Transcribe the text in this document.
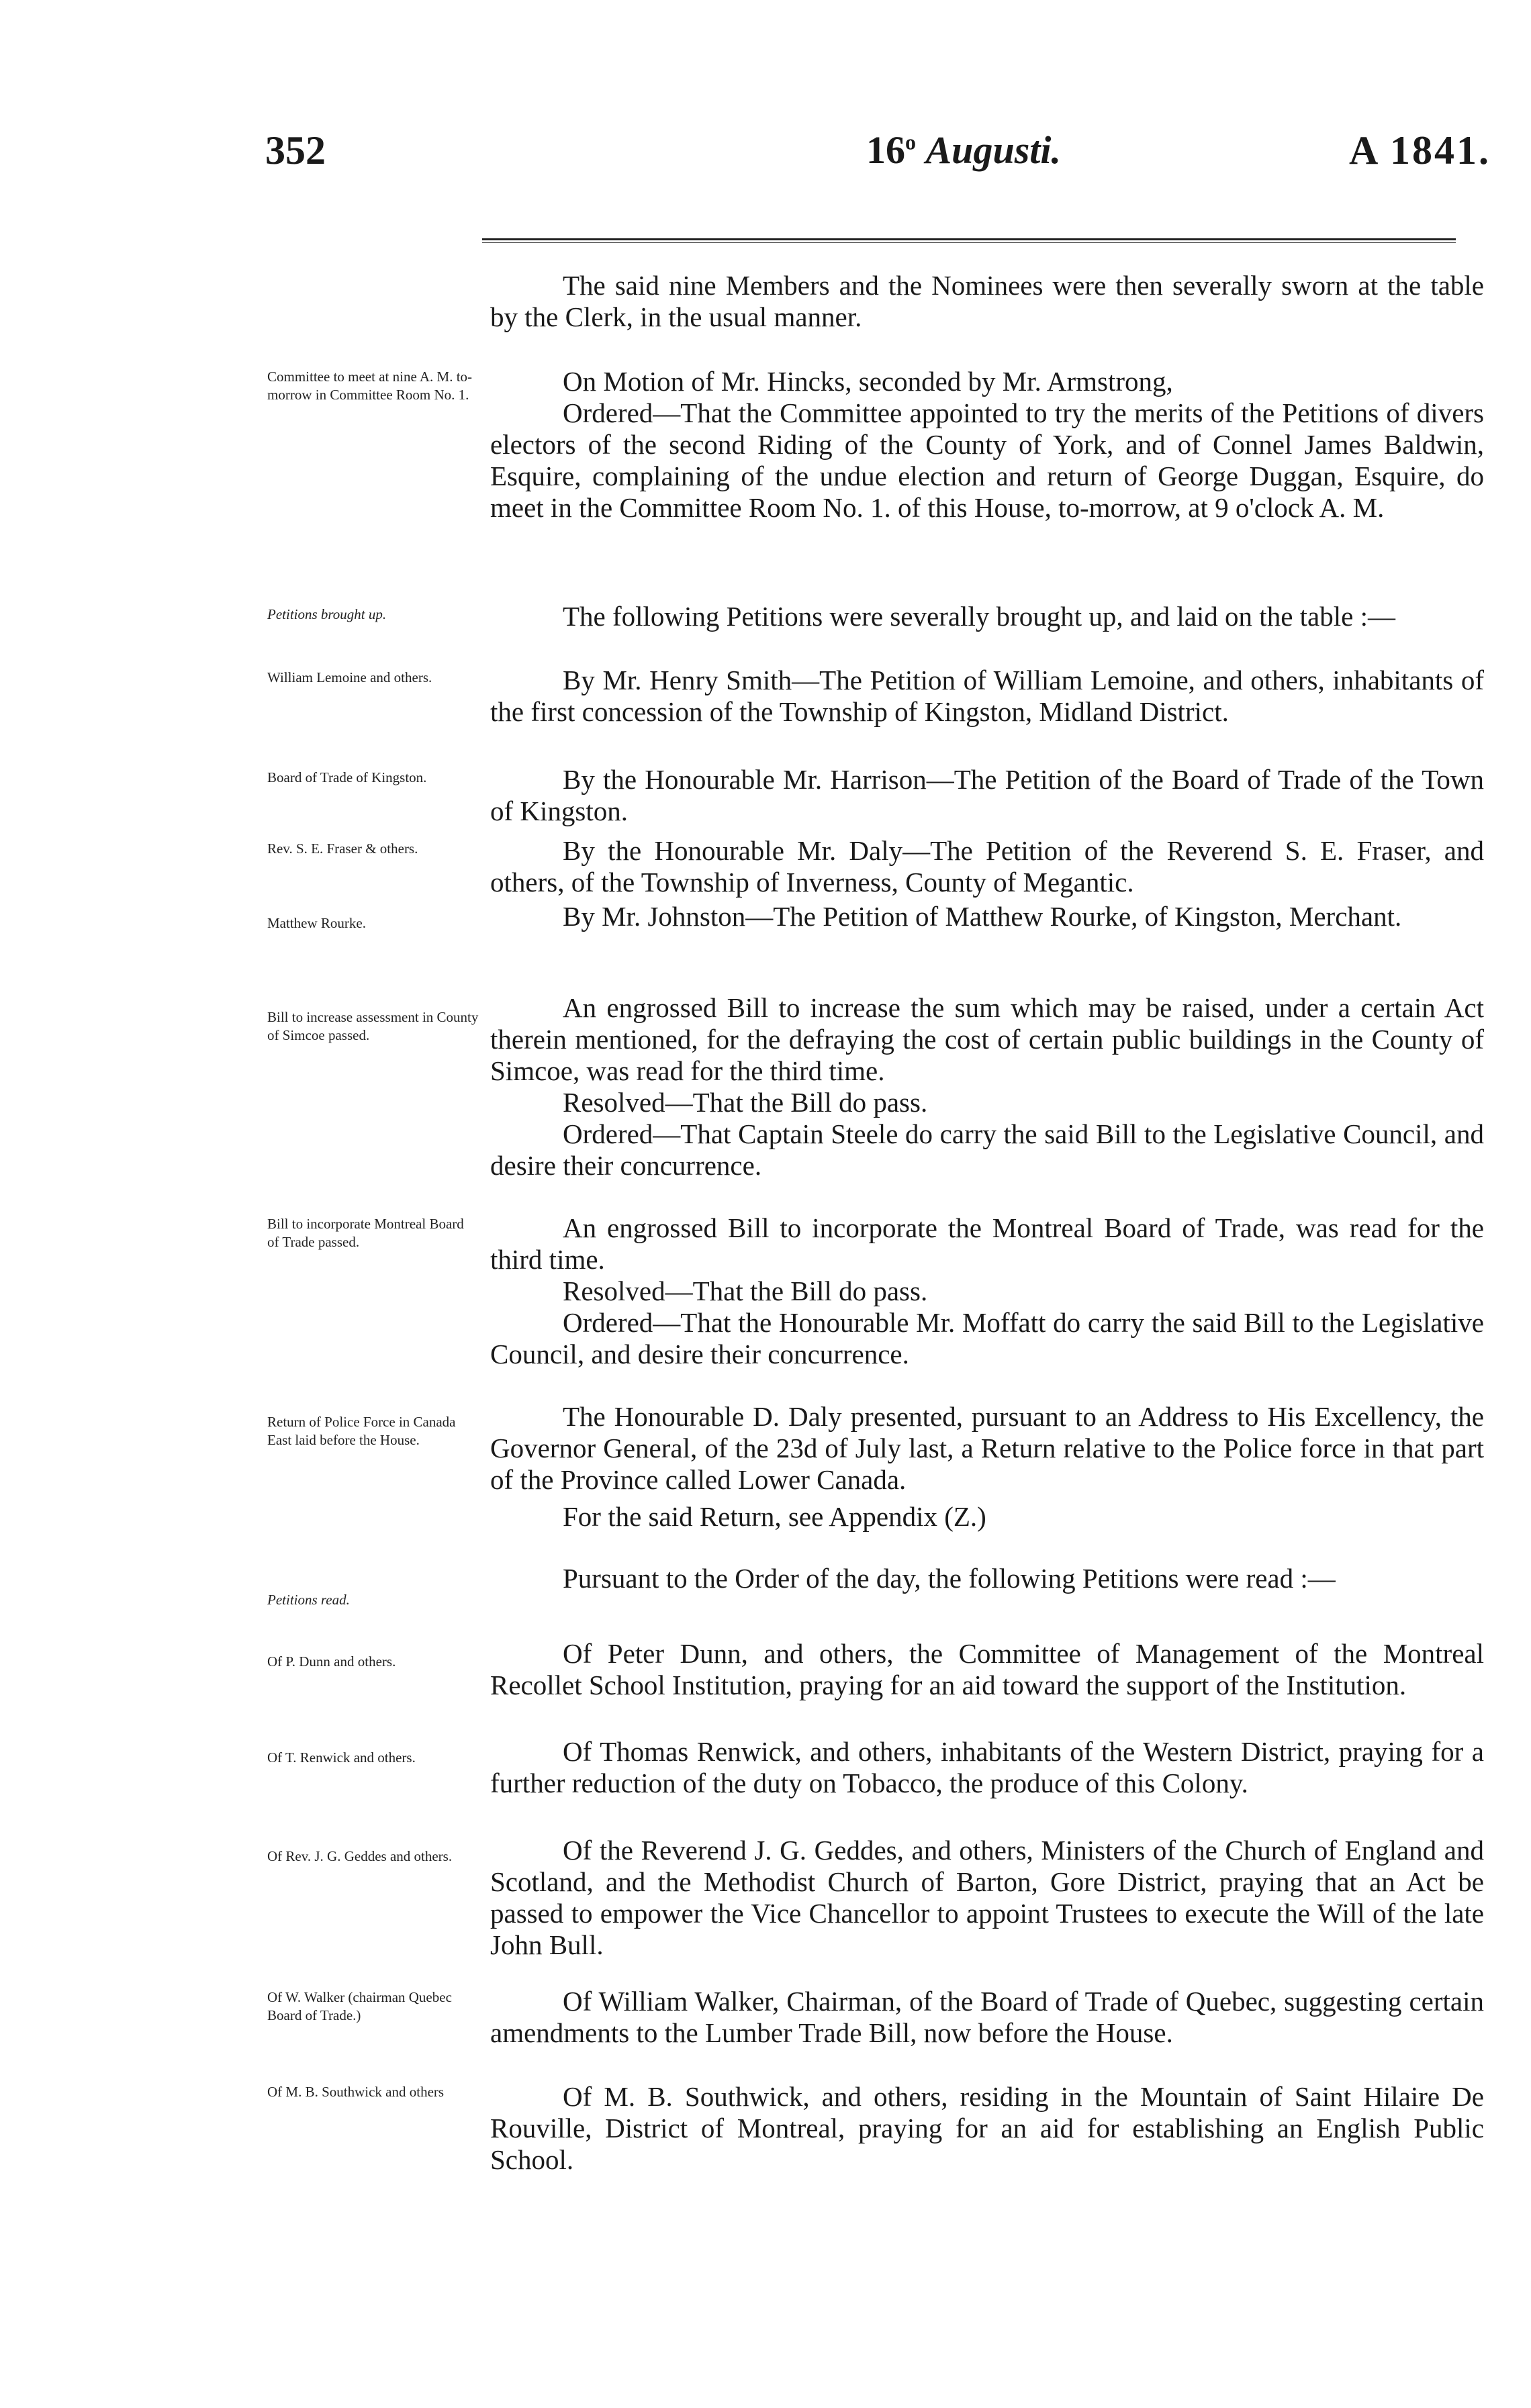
352	16$^o$ Augusti.	A 1841.
Committee to meet at nine A. M. to-morrow in Committee Room No. 1.
Petitions brought up.
William Lemoine and others.
Board of Trade of Kingston.
Rev. S. E. Fraser & others.
Matthew Rourke.
Bill to increase assessment in County of Simcoe passed.
Bill to incorporate Montreal Board of Trade passed.
Return of Police Force in Canada East laid before the House.
Petitions read.
Of P. Dunn and others.
Of T. Renwick and others.
Of Rev. J. G. Geddes and others.
Of W. Walker (chairman Quebec Board of Trade.)
Of M. B. Southwick and others

The said nine Members and the Nominees were then severally sworn at the table by the Clerk, in the usual manner.

On Motion of Mr. Hincks, seconded by Mr. Armstrong,

Ordered—That the Committee appointed to try the merits of the Petitions of divers electors of the second Riding of the County of York, and of Connel James Baldwin, Esquire, complaining of the undue election and return of George Duggan, Esquire, do meet in the Committee Room No. 1. of this House, to-morrow, at 9 o'clock A. M.

The following Petitions were severally brought up, and laid on the table :—

By Mr. Henry Smith—The Petition of William Lemoine, and others, inhabitants of the first concession of the Township of Kingston, Midland District.

By the Honourable Mr. Harrison—The Petition of the Board of Trade of the Town of Kingston.

By the Honourable Mr. Daly—The Petition of the Reverend S. E. Fraser, and others, of the Township of Inverness, County of Megantic.

By Mr. Johnston—The Petition of Matthew Rourke, of Kingston, Merchant.

An engrossed Bill to increase the sum which may be raised, under a certain Act therein mentioned, for the defraying the cost of certain public buildings in the County of Simcoe, was read for the third time.

Resolved—That the Bill do pass.

Ordered—That Captain Steele do carry the said Bill to the Legislative Council, and desire their concurrence.

An engrossed Bill to incorporate the Montreal Board of Trade, was read for the third time.

Resolved—That the Bill do pass.

Ordered—That the Honourable Mr. Moffatt do carry the said Bill to the Legislative Council, and desire their concurrence.

The Honourable D. Daly presented, pursuant to an Address to His Excellency, the Governor General, of the 23d of July last, a Return relative to the Police force in that part of the Province called Lower Canada.

For the said Return, see Appendix (Z.)

Pursuant to the Order of the day, the following Petitions were read :—

Of Peter Dunn, and others, the Committee of Management of the Montreal Recollet School Institution, praying for an aid toward the support of the Institution.

Of Thomas Renwick, and others, inhabitants of the Western District, praying for a further reduction of the duty on Tobacco, the produce of this Colony.

Of the Reverend J. G. Geddes, and others, Ministers of the Church of England and Scotland, and the Methodist Church of Barton, Gore District, praying that an Act be passed to empower the Vice Chancellor to appoint Trustees to execute the Will of the late John Bull.

Of William Walker, Chairman, of the Board of Trade of Quebec, suggesting certain amendments to the Lumber Trade Bill, now before the House.

Of M. B. Southwick, and others, residing in the Mountain of Saint Hilaire De Rouville, District of Montreal, praying for an aid for establishing an English Public School.
